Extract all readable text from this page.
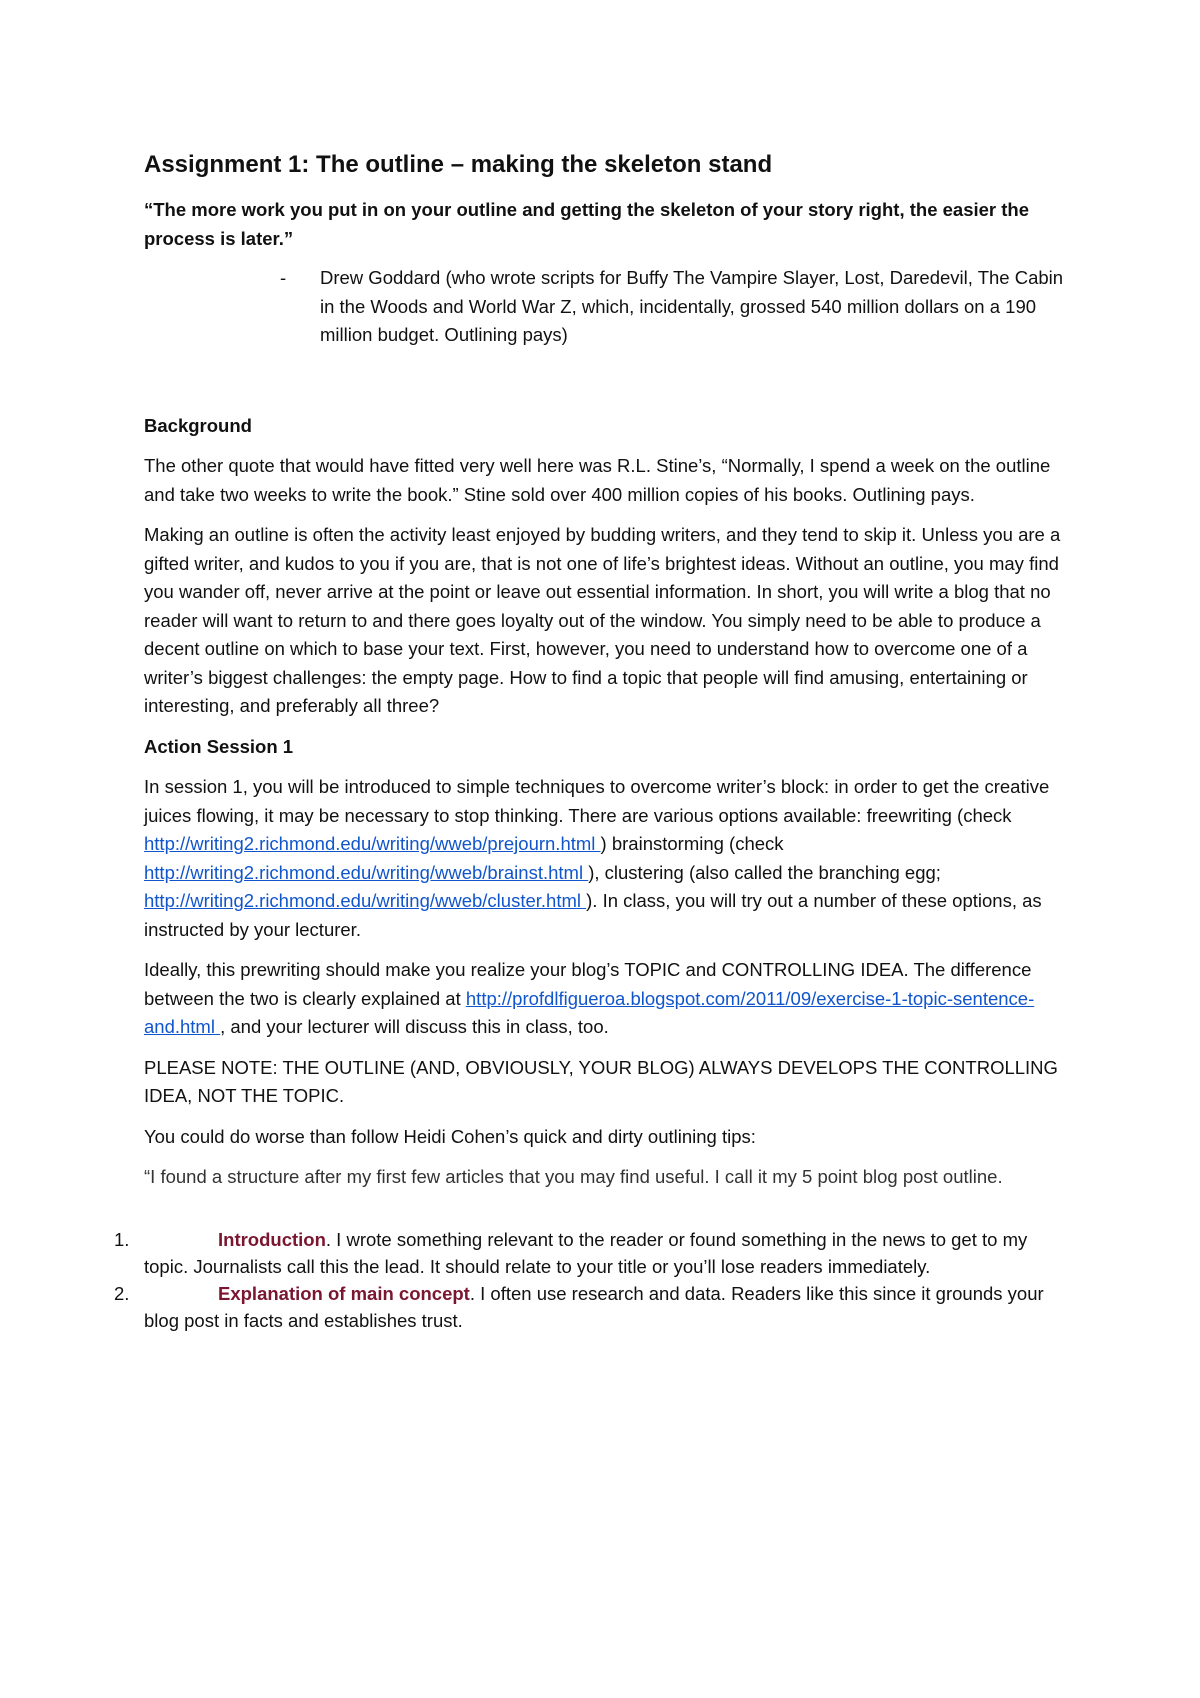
Assignment 1: The outline – making the skeleton stand
“The more work you put in on your outline and getting the skeleton of your story right, the easier the process is later.”
-	Drew Goddard (who wrote scripts for Buffy The Vampire Slayer, Lost, Daredevil, The Cabin in the Woods and World War Z, which, incidentally, grossed 540 million dollars on a 190 million budget. Outlining pays)
Background
The other quote that would have fitted very well here was R.L. Stine’s, “Normally, I spend a week on the outline and take two weeks to write the book.” Stine sold over 400 million copies of his books. Outlining pays.
Making an outline is often the activity least enjoyed by budding writers, and they tend to skip it. Unless you are a gifted writer, and kudos to you if you are, that is not one of life’s brightest ideas. Without an outline, you may find you wander off, never arrive at the point or leave out essential information. In short, you will write a blog that no reader will want to return to and there goes loyalty out of the window. You simply need to be able to produce a decent outline on which to base your text. First, however, you need to understand how to overcome one of a writer’s biggest challenges: the empty page. How to find a topic that people will find amusing, entertaining or interesting, and preferably all three?
Action Session 1
In session 1, you will be introduced to simple techniques to overcome writer’s block: in order to get the creative juices flowing, it may be necessary to stop thinking. There are various options available: freewriting (check http://writing2.richmond.edu/writing/wweb/prejourn.html ) brainstorming (check http://writing2.richmond.edu/writing/wweb/brainst.html ), clustering (also called the branching egg; http://writing2.richmond.edu/writing/wweb/cluster.html ). In class, you will try out a number of these options, as instructed by your lecturer.
Ideally, this prewriting should make you realize your blog’s TOPIC and CONTROLLING IDEA. The difference between the two is clearly explained at http://profdlfigueroa.blogspot.com/2011/09/exercise-1-topic-sentence-and.html , and your lecturer will discuss this in class, too.
PLEASE NOTE: THE OUTLINE (AND, OBVIOUSLY, YOUR BLOG) ALWAYS DEVELOPS THE CONTROLLING IDEA, NOT THE TOPIC.
You could do worse than follow Heidi Cohen’s quick and dirty outlining tips:
“I found a structure after my first few articles that you may find useful. I call it my 5 point blog post outline.
1.	Introduction. I wrote something relevant to the reader or found something in the news to get to my topic. Journalists call this the lead. It should relate to your title or you’ll lose readers immediately.
2.	Explanation of main concept. I often use research and data. Readers like this since it grounds your blog post in facts and establishes trust.
